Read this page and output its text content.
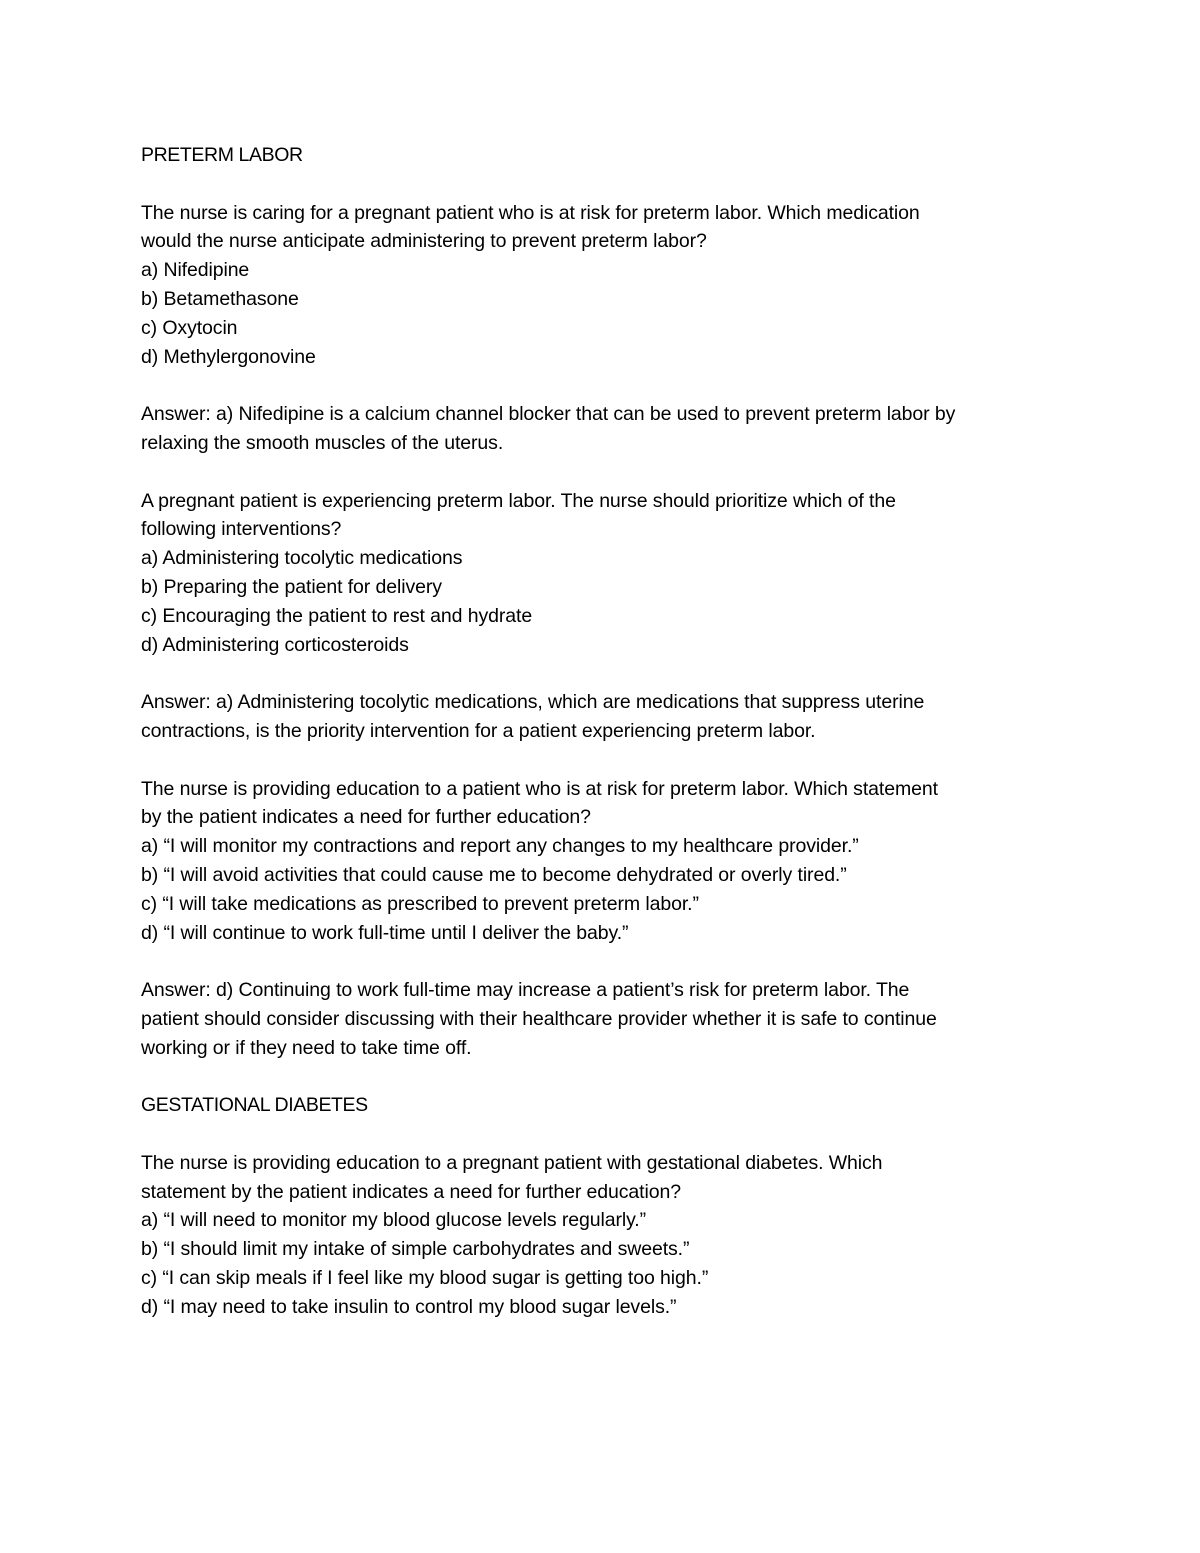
PRETERM LABOR
The nurse is caring for a pregnant patient who is at risk for preterm labor. Which medication
would the nurse anticipate administering to prevent preterm labor?
a) Nifedipine
b) Betamethasone
c) Oxytocin
d) Methylergonovine
Answer: a) Nifedipine is a calcium channel blocker that can be used to prevent preterm labor by
relaxing the smooth muscles of the uterus.
A pregnant patient is experiencing preterm labor. The nurse should prioritize which of the
following interventions?
a) Administering tocolytic medications
b) Preparing the patient for delivery
c) Encouraging the patient to rest and hydrate
d) Administering corticosteroids
Answer: a) Administering tocolytic medications, which are medications that suppress uterine
contractions, is the priority intervention for a patient experiencing preterm labor.
The nurse is providing education to a patient who is at risk for preterm labor. Which statement
by the patient indicates a need for further education?
a) “I will monitor my contractions and report any changes to my healthcare provider.”
b) “I will avoid activities that could cause me to become dehydrated or overly tired.”
c) “I will take medications as prescribed to prevent preterm labor.”
d) “I will continue to work full-time until I deliver the baby.”
Answer: d) Continuing to work full-time may increase a patient’s risk for preterm labor. The
patient should consider discussing with their healthcare provider whether it is safe to continue
working or if they need to take time off.
GESTATIONAL DIABETES
The nurse is providing education to a pregnant patient with gestational diabetes. Which
statement by the patient indicates a need for further education?
a) “I will need to monitor my blood glucose levels regularly.”
b) “I should limit my intake of simple carbohydrates and sweets.”
c) “I can skip meals if I feel like my blood sugar is getting too high.”
d) “I may need to take insulin to control my blood sugar levels.”
